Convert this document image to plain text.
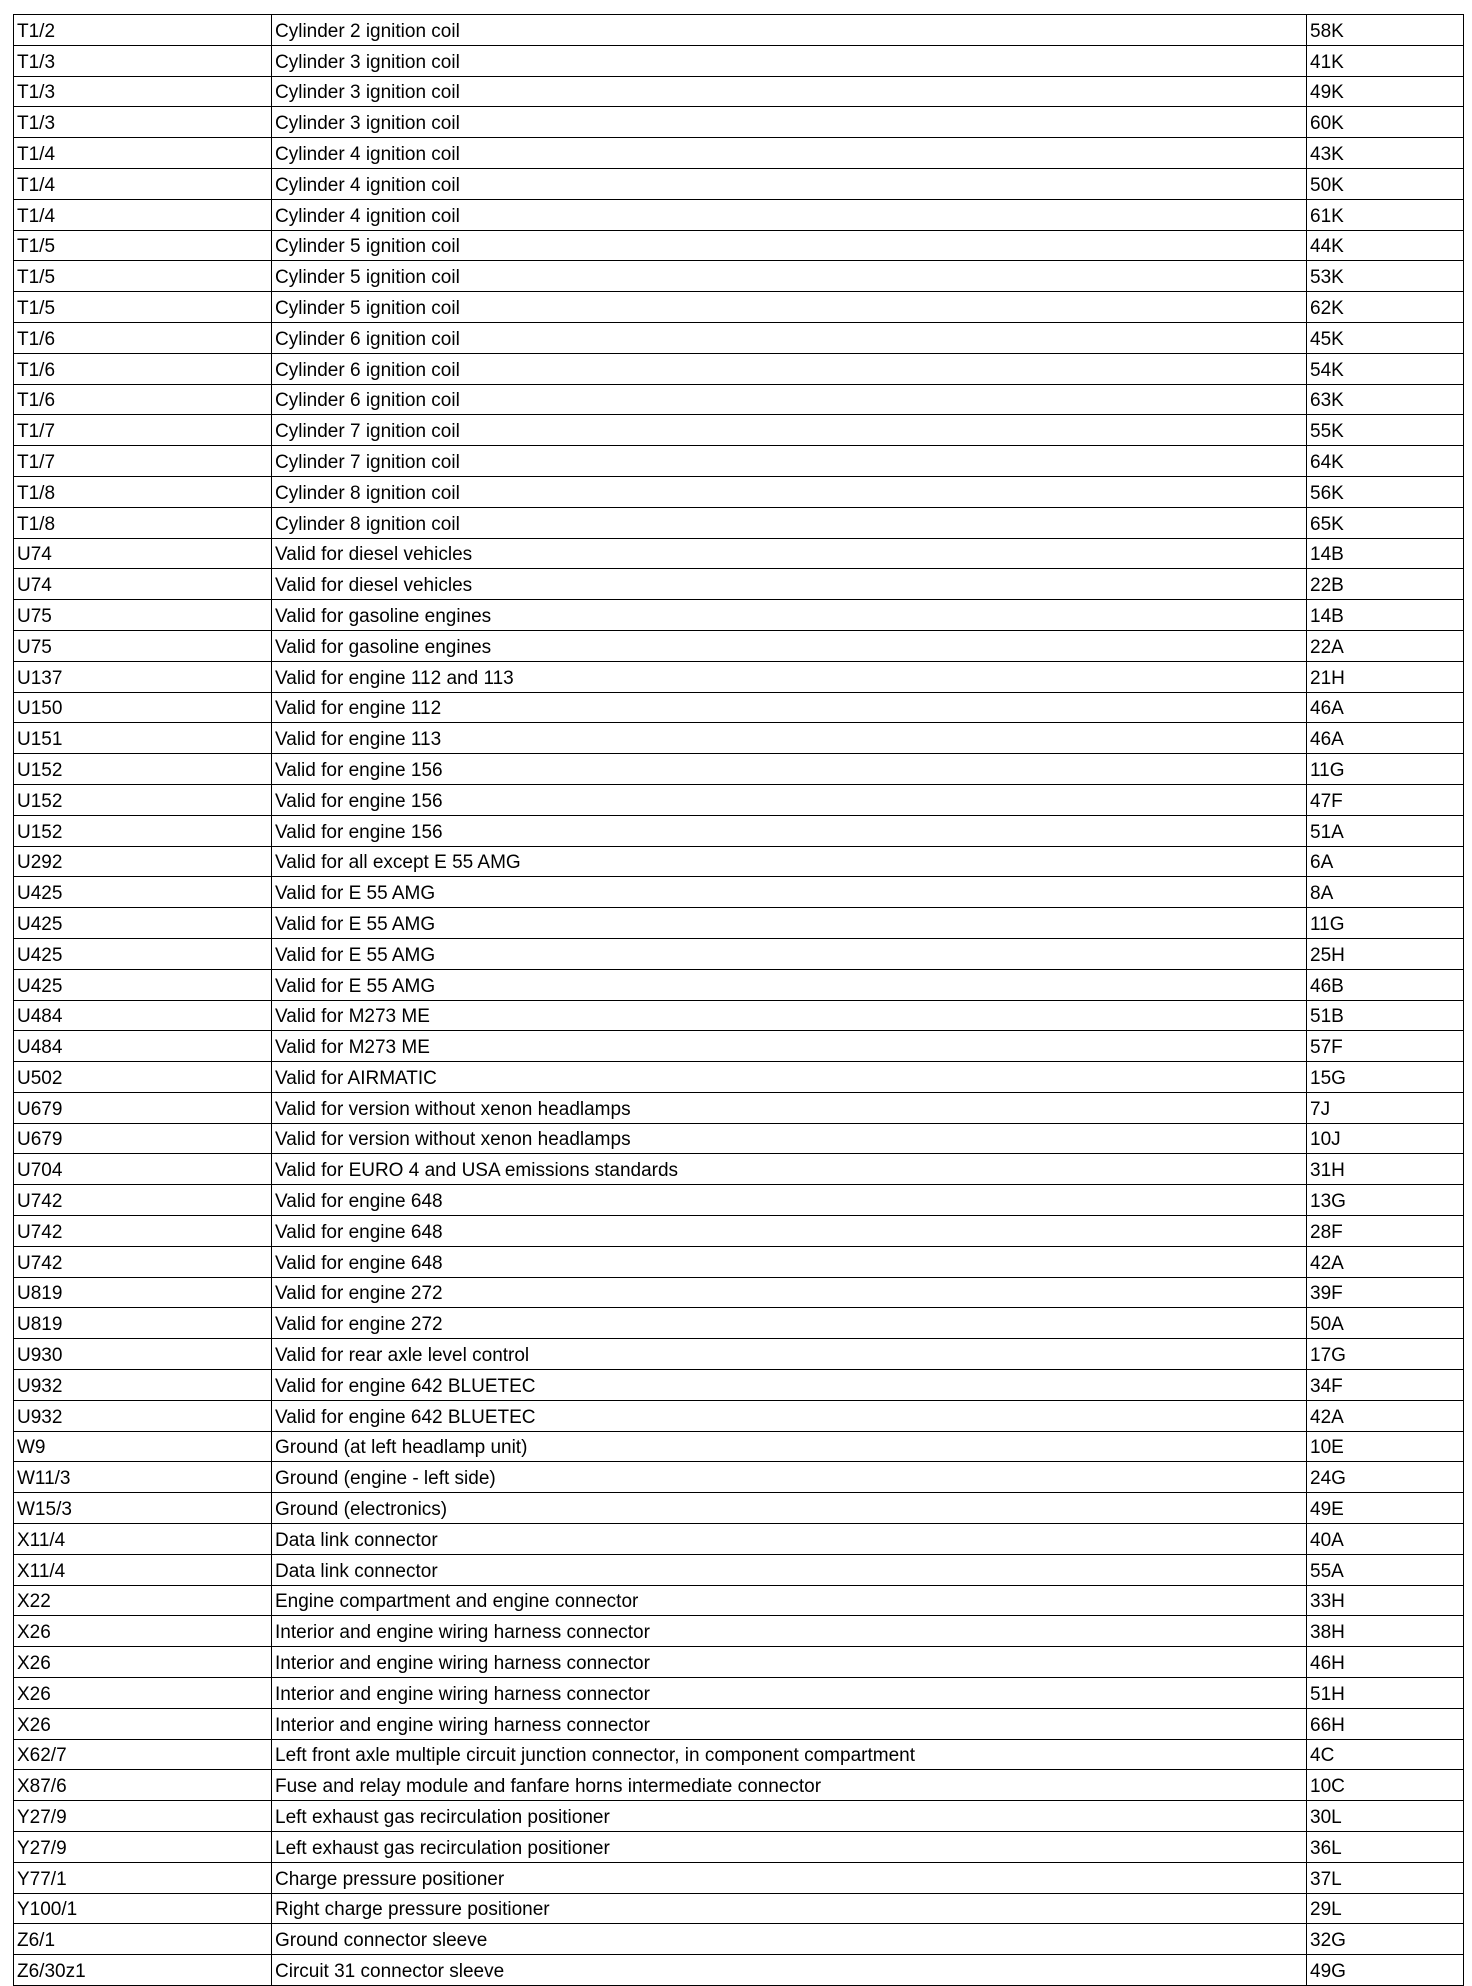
T1/2	Cylinder 2 ignition coil	58K
T1/3	Cylinder 3 ignition coil	41K
T1/3	Cylinder 3 ignition coil	49K
T1/3	Cylinder 3 ignition coil	60K
T1/4	Cylinder 4 ignition coil	43K
T1/4	Cylinder 4 ignition coil	50K
T1/4	Cylinder 4 ignition coil	61K
T1/5	Cylinder 5 ignition coil	44K
T1/5	Cylinder 5 ignition coil	53K
T1/5	Cylinder 5 ignition coil	62K
T1/6	Cylinder 6 ignition coil	45K
T1/6	Cylinder 6 ignition coil	54K
T1/6	Cylinder 6 ignition coil	63K
T1/7	Cylinder 7 ignition coil	55K
T1/7	Cylinder 7 ignition coil	64K
T1/8	Cylinder 8 ignition coil	56K
T1/8	Cylinder 8 ignition coil	65K
U74	Valid for diesel vehicles	14B
U74	Valid for diesel vehicles	22B
U75	Valid for gasoline engines	14B
U75	Valid for gasoline engines	22A
U137	Valid for engine 112 and 113	21H
U150	Valid for engine 112	46A
U151	Valid for engine 113	46A
U152	Valid for engine 156	11G
U152	Valid for engine 156	47F
U152	Valid for engine 156	51A
U292	Valid for all except E 55 AMG	6A
U425	Valid for E 55 AMG	8A
U425	Valid for E 55 AMG	11G
U425	Valid for E 55 AMG	25H
U425	Valid for E 55 AMG	46B
U484	Valid for M273 ME	51B
U484	Valid for M273 ME	57F
U502	Valid for AIRMATIC	15G
U679	Valid for version without xenon headlamps	7J
U679	Valid for version without xenon headlamps	10J
U704	Valid for EURO 4 and USA emissions standards	31H
U742	Valid for engine 648	13G
U742	Valid for engine 648	28F
U742	Valid for engine 648	42A
U819	Valid for engine 272	39F
U819	Valid for engine 272	50A
U930	Valid for rear axle level control	17G
U932	Valid for engine 642 BLUETEC	34F
U932	Valid for engine 642 BLUETEC	42A
W9	Ground (at left headlamp unit)	10E
W11/3	Ground (engine - left side)	24G
W15/3	Ground (electronics)	49E
X11/4	Data link connector	40A
X11/4	Data link connector	55A
X22	Engine compartment and engine connector	33H
X26	Interior and engine wiring harness connector	38H
X26	Interior and engine wiring harness connector	46H
X26	Interior and engine wiring harness connector	51H
X26	Interior and engine wiring harness connector	66H
X62/7	Left front axle multiple circuit junction connector, in component compartment	4C
X87/6	Fuse and relay module and fanfare horns intermediate connector	10C
Y27/9	Left exhaust gas recirculation positioner	30L
Y27/9	Left exhaust gas recirculation positioner	36L
Y77/1	Charge pressure positioner	37L
Y100/1	Right charge pressure positioner	29L
Z6/1	Ground connector sleeve	32G
Z6/30z1	Circuit 31 connector sleeve	49G
